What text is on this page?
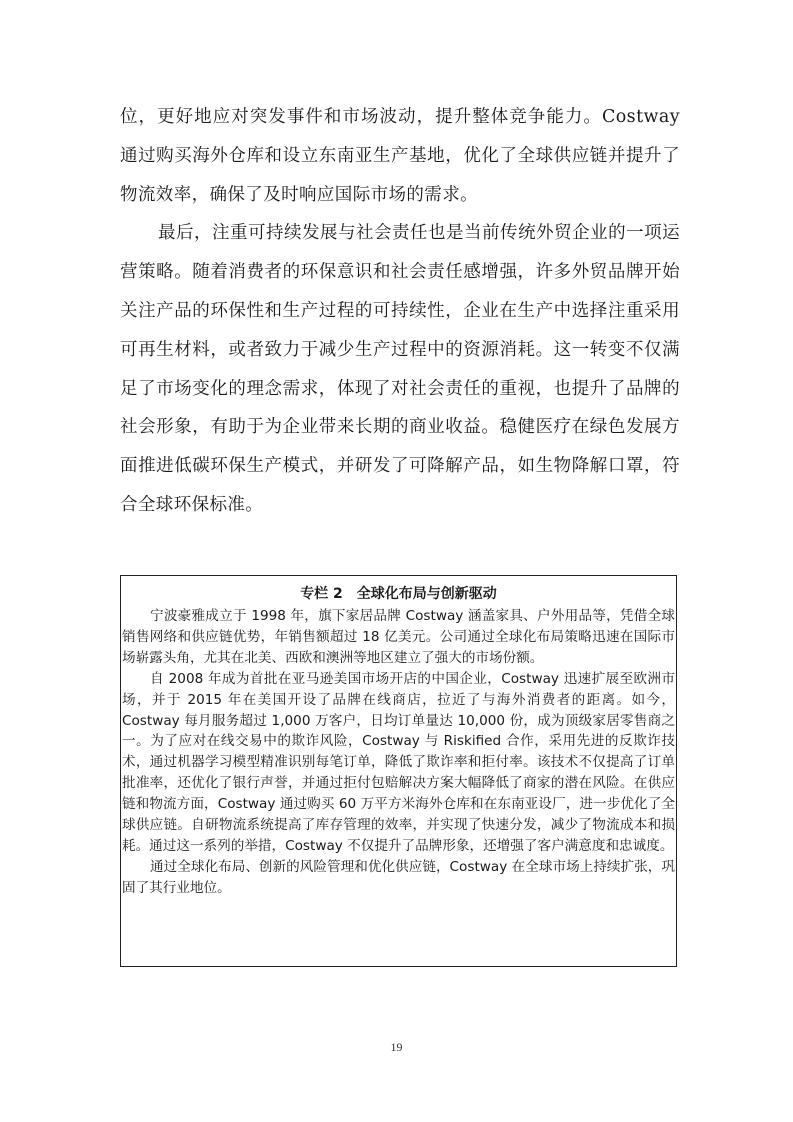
位，更好地应对突发事件和市场波动，提升整体竞争能力。Costway 通过购买海外仓库和设立东南亚生产基地，优化了全球供应链并提升了物流效率，确保了及时响应国际市场的需求。

最后，注重可持续发展与社会责任也是当前传统外贸企业的一项运营策略。随着消费者的环保意识和社会责任感增强，许多外贸品牌开始关注产品的环保性和生产过程的可持续性，企业在生产中选择注重采用可再生材料，或者致力于减少生产过程中的资源消耗。这一转变不仅满足了市场变化的理念需求，体现了对社会责任的重视，也提升了品牌的社会形象，有助于为企业带来长期的商业收益。稳健医疗在绿色发展方面推进低碳环保生产模式，并研发了可降解产品，如生物降解口罩，符合全球环保标准。

专栏 2　全球化布局与创新驱动

宁波豪雅成立于 1998 年，旗下家居品牌 Costway 涵盖家具、户外用品等，凭借全球销售网络和供应链优势，年销售额超过 18 亿美元。公司通过全球化布局策略迅速在国际市场崭露头角，尤其在北美、西欧和澳洲等地区建立了强大的市场份额。

自 2008 年成为首批在亚马逊美国市场开店的中国企业，Costway 迅速扩展至欧洲市场，并于 2015 年在美国开设了品牌在线商店，拉近了与海外消费者的距离。如今，Costway 每月服务超过 1,000 万客户，日均订单量达 10,000 份，成为顶级家居零售商之一。为了应对在线交易中的欺诈风险，Costway 与 Riskified 合作，采用先进的反欺诈技术，通过机器学习模型精准识别每笔订单，降低了欺诈率和拒付率。该技术不仅提高了订单批准率，还优化了银行声誉，并通过拒付包赔解决方案大幅降低了商家的潜在风险。在供应链和物流方面，Costway 通过购买 60 万平方米海外仓库和在东南亚设厂，进一步优化了全球供应链。自研物流系统提高了库存管理的效率，并实现了快速分发，减少了物流成本和损耗。通过这一系列的举措，Costway 不仅提升了品牌形象，还增强了客户满意度和忠诚度。

通过全球化布局、创新的风险管理和优化供应链，Costway 在全球市场上持续扩张，巩固了其行业地位。

19
